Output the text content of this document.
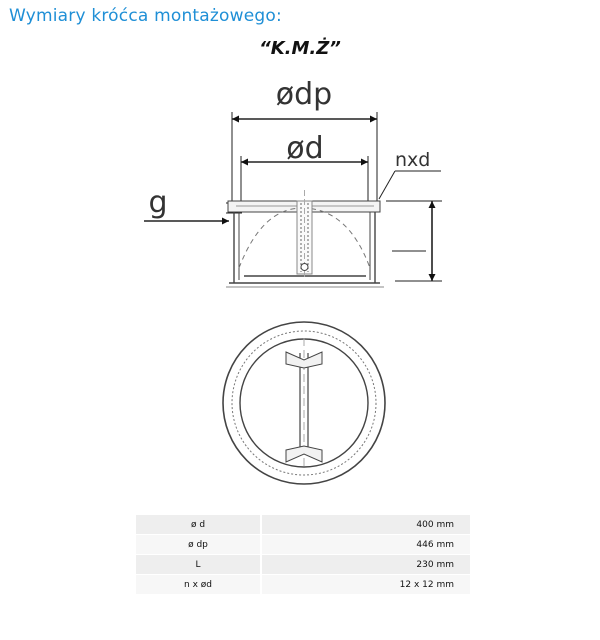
Wymiary króćca montażowego:
“K.M.Ż”
ødp
ød	nxd
g
ø d	400 mm
ø dp	446 mm
L	230 mm
n x ød	12 x 12 mm
